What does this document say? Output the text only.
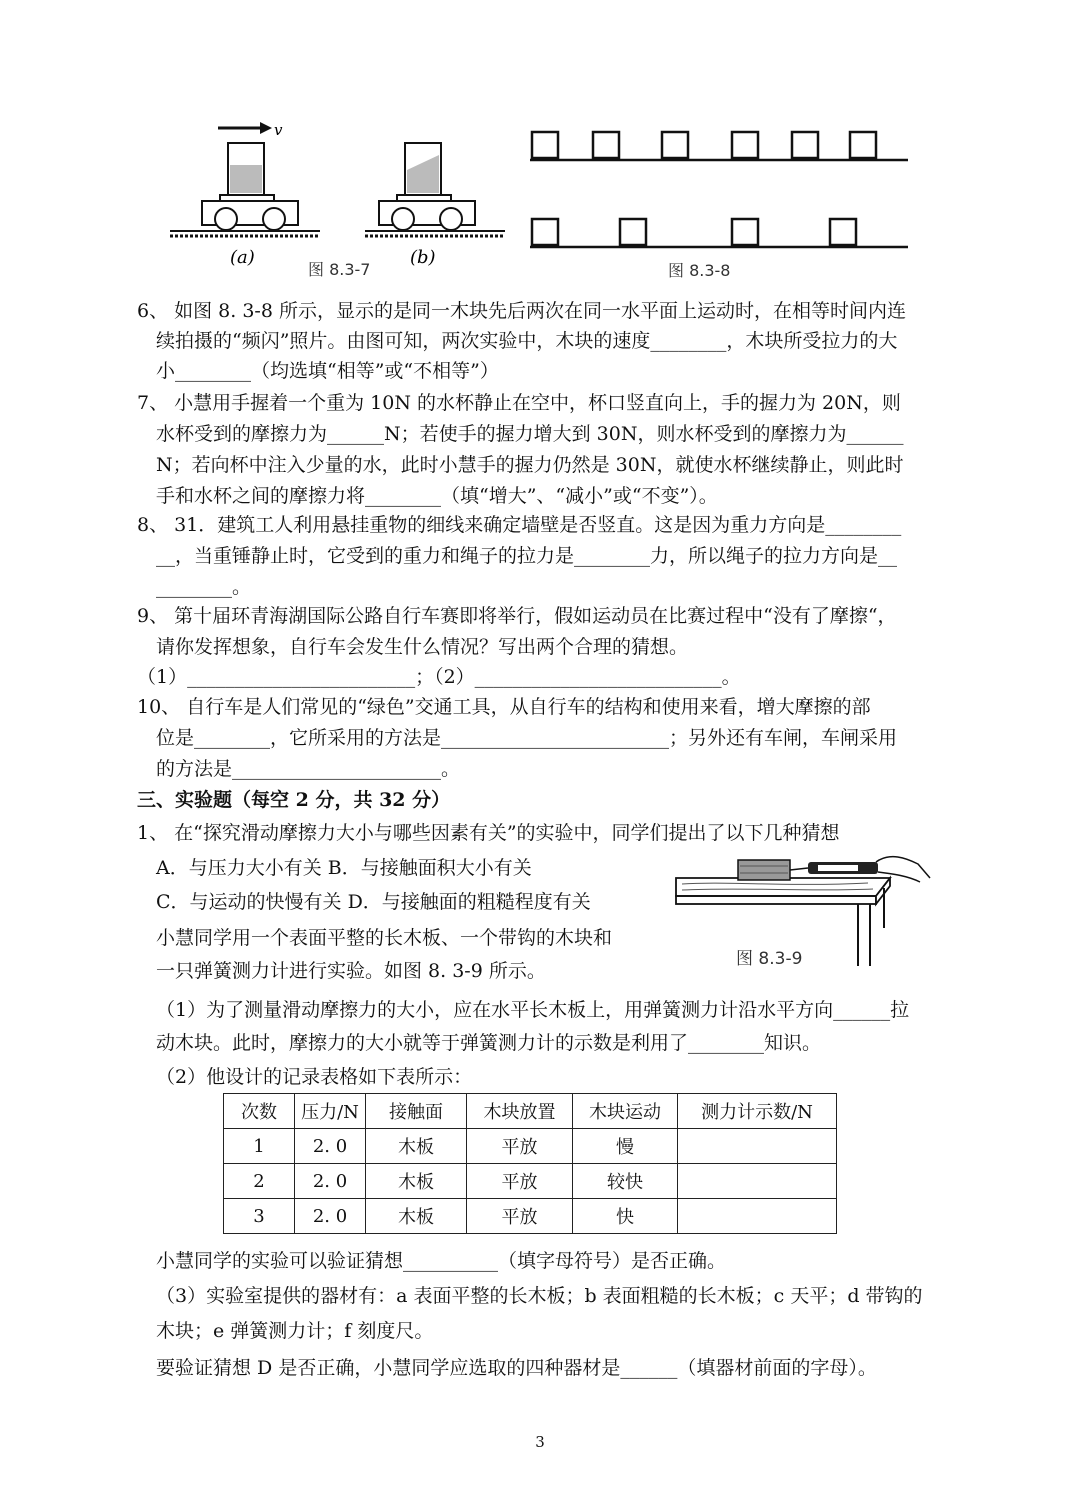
v
(a)	(b)
图 8.3-7	图 8.3-8
图 8.3-9
6、 如图 8. 3-8 所示，显示的是同一木块先后两次在同一水平面上运动时，在相等时间内连
续拍摄的“频闪”照片。由图可知，两次实验中，木块的速度________，木块所受拉力的大
小________（均选填“相等”或“不相等”）
7、 小慧用手握着一个重为 10N 的水杯静止在空中，杯口竖直向上，手的握力为 20N，则
水杯受到的摩擦力为______N；若使手的握力增大到 30N，则水杯受到的摩擦力为______
N；若向杯中注入少量的水，此时小慧手的握力仍然是 30N，就使水杯继续静止，则此时
手和水杯之间的摩擦力将________（填“增大”、“减小”或“不变”）。
8、 31．建筑工人利用悬挂重物的细线来确定墙壁是否竖直。这是因为重力方向是________
__，当重锤静止时，它受到的重力和绳子的拉力是________力，所以绳子的拉力方向是__
________。
9、 第十届环青海湖国际公路自行车赛即将举行，假如运动员在比赛过程中“没有了摩擦“，
请你发挥想象，自行车会发生什么情况？写出两个合理的猜想。
（1）________________________；（2）__________________________。
10、 自行车是人们常见的“绿色”交通工具，从自行车的结构和使用来看，增大摩擦的部
位是________，它所采用的方法是________________________；另外还有车闸，车闸采用
的方法是______________________。
三、实验题（每空 2 分，共 32 分）
1、 在“探究滑动摩擦力大小与哪些因素有关”的实验中，同学们提出了以下几种猜想
A．与压力大小有关 B．与接触面积大小有关
C．与运动的快慢有关 D．与接触面的粗糙程度有关
小慧同学用一个表面平整的长木板、一个带钩的木块和
一只弹簧测力计进行实验。如图 8. 3-9 所示。
（1）为了测量滑动摩擦力的大小，应在水平长木板上，用弹簧测力计沿水平方向______拉
动木块。此时，摩擦力的大小就等于弹簧测力计的示数是利用了________知识。
（2）他设计的记录表格如下表所示：
次数	压力/N	接触面	木块放置	木块运动	测力计示数/N
1	2. 0	木板	平放	慢	
2	2. 0	木板	平放	较快	
3	2. 0	木板	平放	快	
小慧同学的实验可以验证猜想__________（填字母符号）是否正确。
（3）实验室提供的器材有：a 表面平整的长木板；b 表面粗糙的长木板；c 天平；d 带钩的
木块；e 弹簧测力计；f 刻度尺。
要验证猜想 D 是否正确，小慧同学应选取的四种器材是______（填器材前面的字母）。
3
